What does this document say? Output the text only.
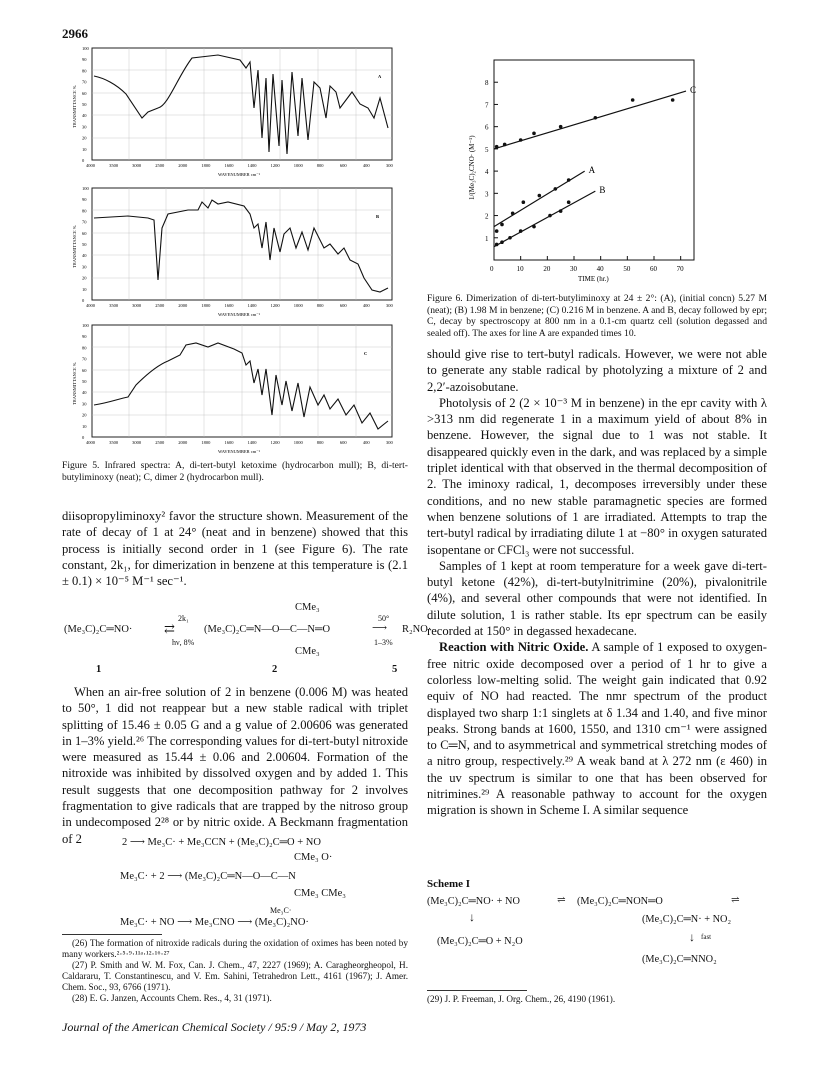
2966
A
TRANSMITTANCE %
WAVENUMBER cm⁻¹
B
TRANSMITTANCE %
WAVENUMBER cm⁻¹
C
TRANSMITTANCE %
WAVENUMBER cm⁻¹
4000	3500	3000	2500	2000	1800	1600	1400	1200	1000	800	600	400	300
100
90
80
70
60
50
40
30
20
10
0
4000	3500	3000	2500	2000	1800	1600	1400	1200	1000	800	600	400	300
100
90
80
70
60
50
40
30
20
10
0
4000	3500	3000	2500	2000	1800	1600	1400	1200	1000	800	600	400	300
100
90
80
70
60
50
40
30
20
10
0
Figure 5. Infrared spectra: A, di-tert-butyl ketoxime (hydrocarbon mull); B, di-tert-butyliminoxy (neat); C, dimer 2 (hydrocarbon mull).
0	10	20	30	40	50	60	70
1
2
3
4
5
6
7
8
TIME (hr.)
1/(Me₃C)₂CNO· (M⁻¹)	A
B
C
Figure 6. Dimerization of di-tert-butyliminoxy at 24 ± 2°: (A), (initial concn) 5.27 M (neat); (B) 1.98 M in benzene; (C) 0.216 M in benzene. A and B, decay followed by epr; C, decay by spectroscopy at 800 nm in a 0.1-cm quartz cell (solution degassed and sealed off). The axes for line A are expanded times 10.

diisopropyliminoxy² favor the structure shown. Measurement of the rate of decay of 1 at 24° (neat and in benzene) showed that this process is initially second order in 1 (see Figure 6). The rate constant, 2k₁, for dimerization in benzene at this temperature is (2.1 ± 0.1) × 10⁻⁵ M⁻¹ sec⁻¹.

(Me₃C)₂C═NO·
2k₁
⇄
hν, 8%
CMe₃
(Me₃C)₂C═N—O—C—N═O
CMe₃
50°
⟶
1–3%
R₂NO·
1	2	5

When an air-free solution of 2 in benzene (0.006 M) was heated to 50°, 1 did not reappear but a new stable radical with triplet splitting of 15.46 ± 0.05 G and a g value of 2.00606 was generated in 1–3% yield.²⁶ The corresponding values for di-tert-butyl nitroxide were measured as 15.44 ± 0.06 and 2.00604. Formation of the nitroxide was inhibited by dissolved oxygen and by added 1. This result suggests that one decomposition pathway for 2 involves fragmentation to give radicals that are trapped by the nitroso group in undecomposed 2²⁸ or by nitric oxide. A Beckmann fragmentation of 2	2 ⟶ Me₃C· + Me₃CCN + (Me₃C)₂C═O + NO
CMe₃ O·
Me₃C· + 2 ⟶ (Me₃C)₂C═N—O—C—N
CMe₃ CMe₃
Me₃C·
Me₃C· + NO ⟶ Me₃CNO ⟶ (Me₃C)₂NO·

(26) The formation of nitroxide radicals during the oxidation of oximes has been noted by many workers.²·⁵·⁹·¹¹ᵃ·¹²·¹⁶·²⁷

(27) P. Smith and W. M. Fox, Can. J. Chem., 47, 2227 (1969); A. Caragheorgheopol, H. Caldararu, T. Constantinescu, and V. Em. Sahini, Tetrahedron Lett., 4161 (1967); J. Amer. Chem. Soc., 93, 6766 (1971).

(28) E. G. Janzen, Accounts Chem. Res., 4, 31 (1971).

should give rise to tert-butyl radicals. However, we were not able to generate any stable radical by photolyzing a mixture of 2 and 2,2′-azoisobutane.

Photolysis of 2 (2 × 10⁻³ M in benzene) in the epr cavity with λ >313 nm did regenerate 1 in a maximum yield of about 8% in benzene. However, the signal due to 1 was not stable. It disappeared quickly even in the dark, and was replaced by a simple triplet identical with that observed in the thermal decomposition of 2. The iminoxy radical, 1, decomposes irreversibly under these conditions, and no new stable paramagnetic species are formed when benzene solutions of 1 are irradiated. Attempts to trap the tert-butyl radical by irradiating dilute 1 at −80° in oxygen saturated isopentane or CFCl₃ were not successful.

Samples of 1 kept at room temperature for a week gave di-tert-butyl ketone (42%), di-tert-butylnitrimine (20%), pivalonitrile (4%), and several other compounds that were not identified. In dilute solution, 1 is rather stable. Its epr spectrum can be easily recorded at 150° in degassed hexadecane.

Reaction with Nitric Oxide. A sample of 1 exposed to oxygen-free nitric oxide decomposed over a period of 1 hr to give a colorless low-melting solid. The weight gain indicated that 0.92 equiv of NO had reacted. The nmr spectrum of the product displayed two sharp 1:1 singlets at δ 1.34 and 1.40, and five minor peaks. Strong bands at 1600, 1550, and 1310 cm⁻¹ were assigned to C═N, and to asymmetrical and symmetrical stretching modes of a nitro group, respectively.²⁹ A weak band at λ 272 nm (ε 460) in the uv spectrum is similar to one that has been observed for nitrimines.²⁹ A reasonable pathway to account for the oxygen migration is shown in Scheme I. A similar sequence

Scheme I
(Me₃C)₂C═NO· + NO	⇌ (Me₃C)₂C═NON═O	⇌
↓	(Me₃C)₂C═N· + NO₂
(Me₃C)₂C═O + N₂O	↓ fast
(Me₃C)₂C═NNO₂
(29) J. P. Freeman, J. Org. Chem., 26, 4190 (1961).
Journal of the American Chemical Society / 95:9 / May 2, 1973
